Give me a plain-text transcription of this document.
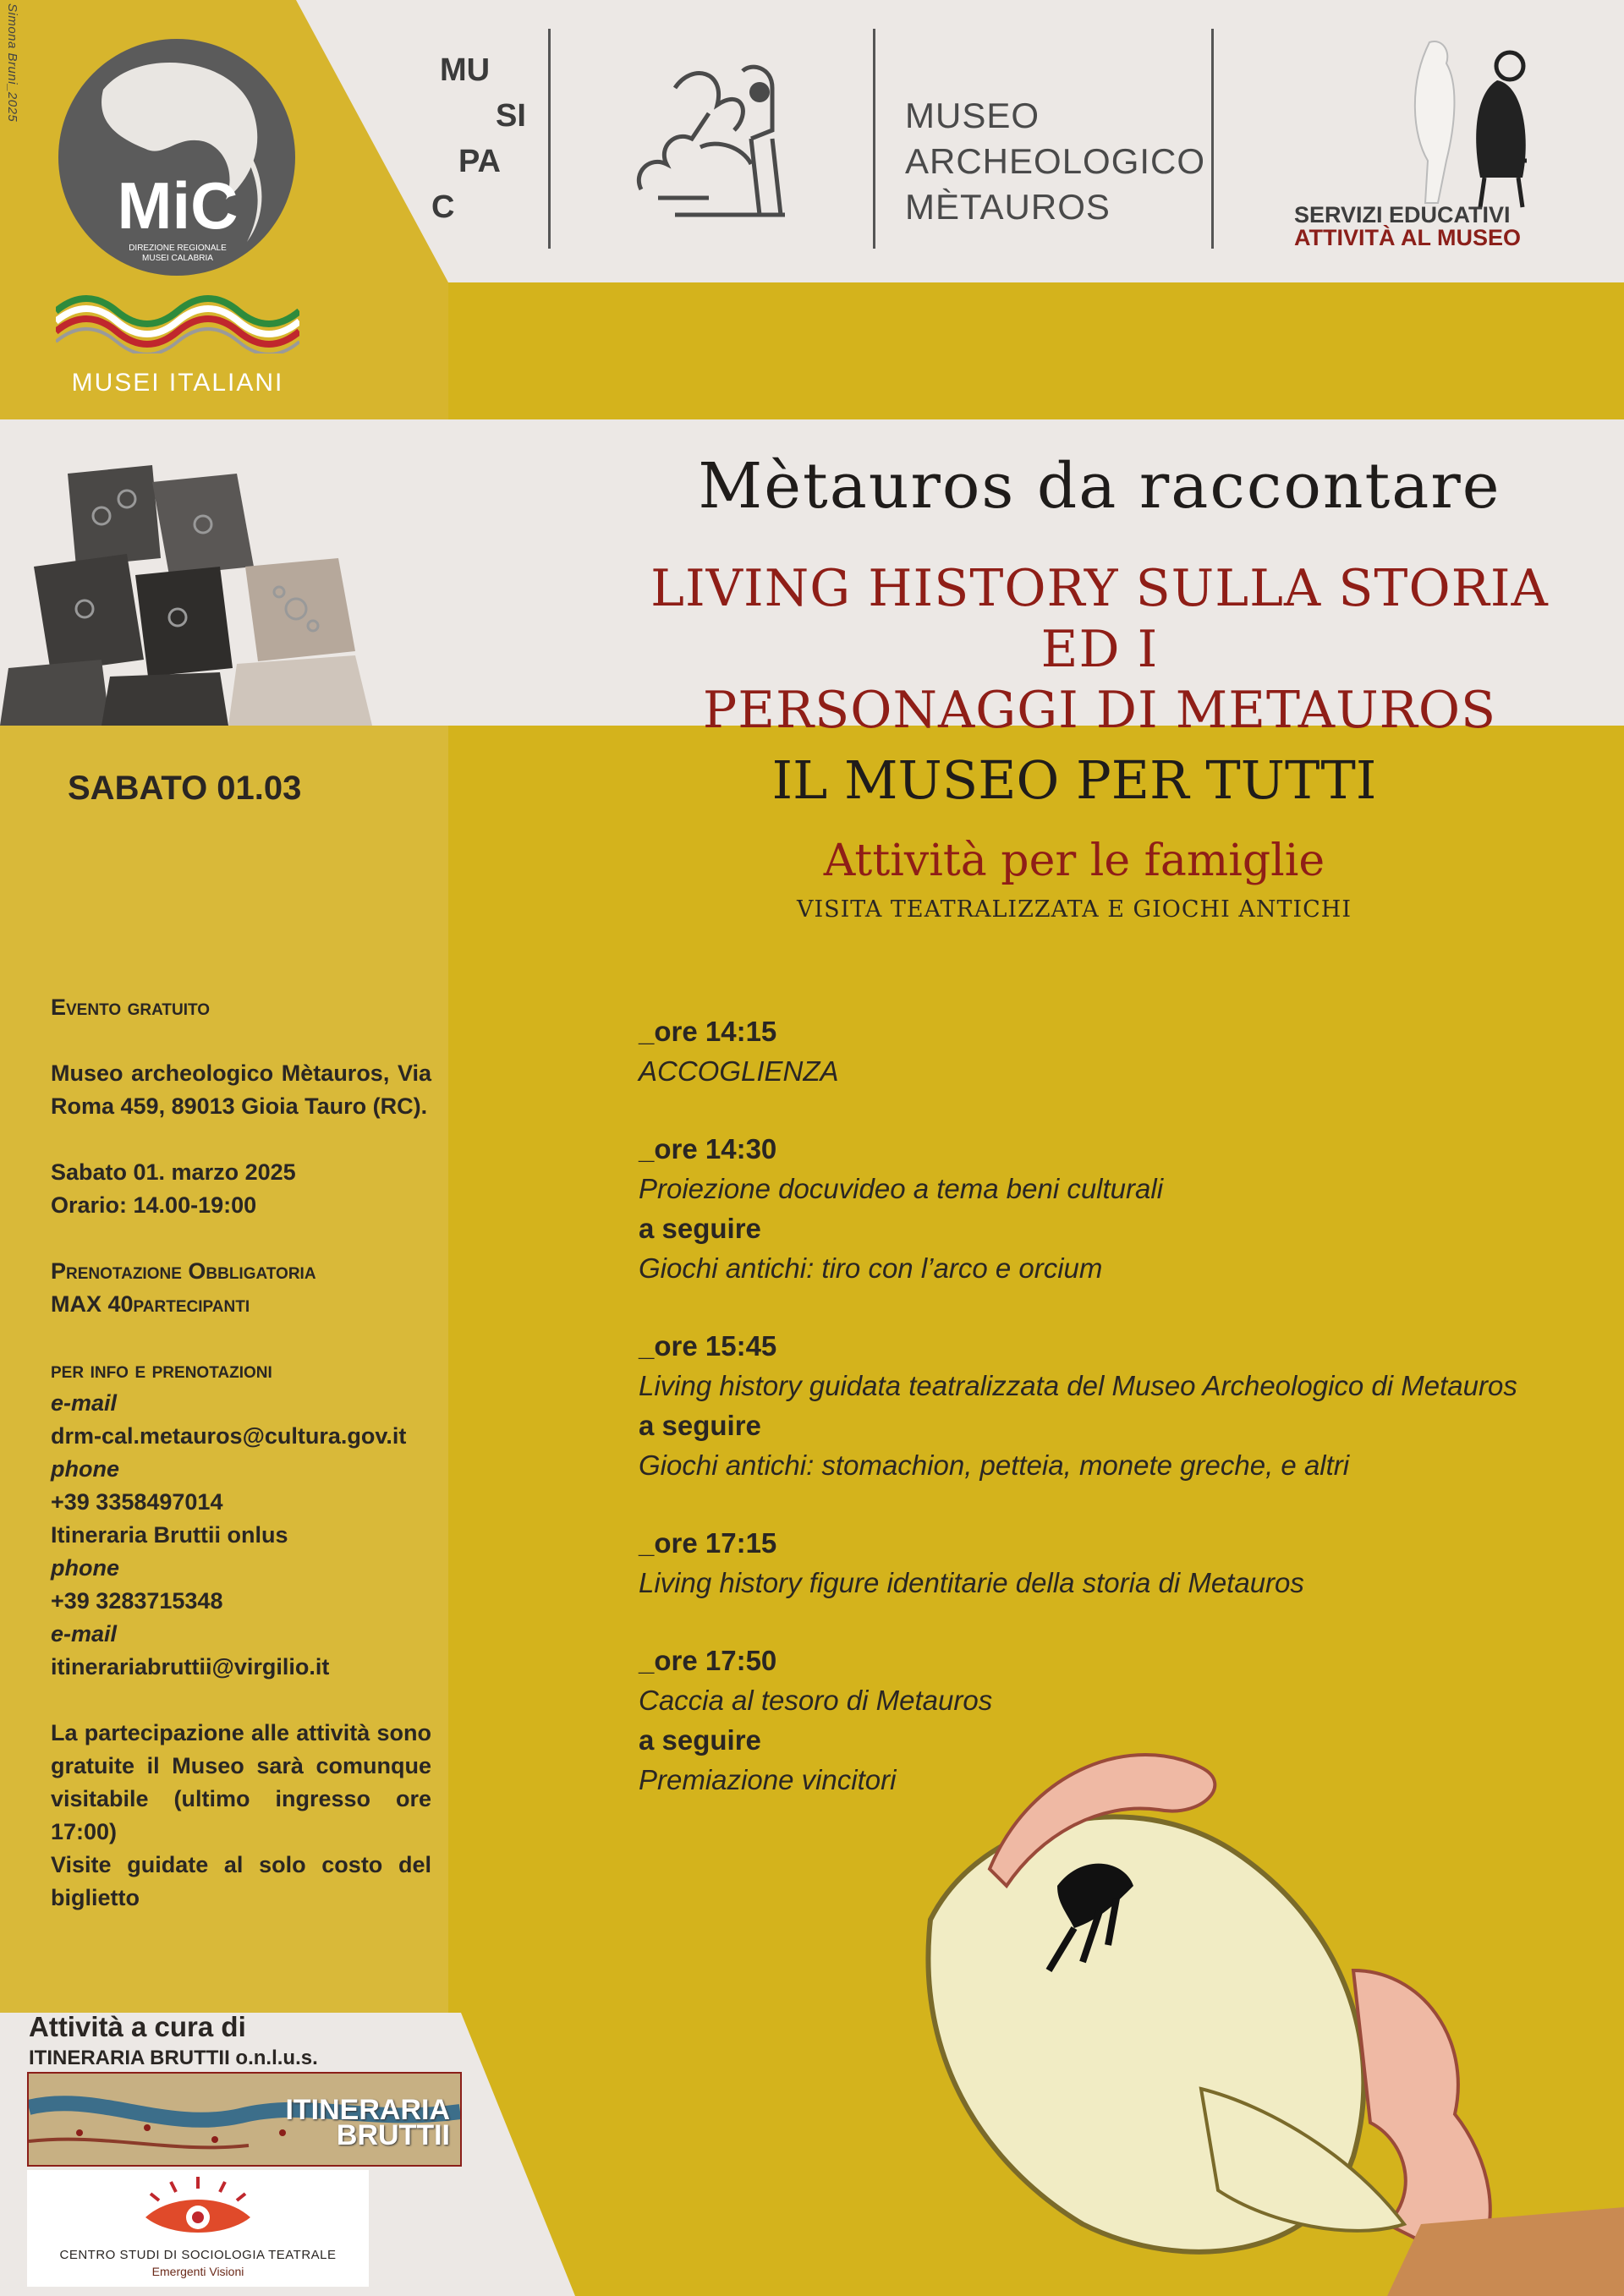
Simona Bruni_2025
MiC
DIREZIONE REGIONALE
MUSEI CALABRIA
MUSEI ITALIANI
MU
SI
PA
C
MUSEO
ARCHEOLOGICO
MÈTAUROS	SERVIZI EDUCATIVI
ATTIVITÀ AL MUSEO
Mètauros da raccontare
LIVING HISTORY SULLA STORIA ED I
PERSONAGGI DI METAUROS
SABATO 01.03	IL MUSEO PER TUTTI
Attività per le famiglie
VISITA TEATRALIZZATA E GIOCHI ANTICHI

Evento gratuito

Museo archeologico Mètauros, Via Roma 459, 89013 Gioia Tauro (RC).

Sabato 01. marzo 2025

Orario: 14.00-19:00

Prenotazione Obbligatoria

MAX 40partecipanti

per info e prenotazioni

e-mail

drm-cal.metauros@cultura.gov.it

phone

+39 3358497014

Itineraria Bruttii onlus

phone

+39 3283715348

e-mail

itinerariabruttii@virgilio.it

La partecipazione alle attività sono gratuite il Museo sarà comunque visitabile (ultimo ingresso ore 17:00)

Visite guidate al solo costo del biglietto

_ore 14:15
ACCOGLIENZA
_ore 14:30
Proiezione docuvideo a tema beni culturali
a seguire
Giochi antichi: tiro con l’arco e orcium
_ore 15:45
Living history guidata teatralizzata del Museo Archeologico di Metauros
a seguire
Giochi antichi: stomachion, petteia, monete greche, e altri
_ore 17:15
Living history figure identitarie della storia di Metauros
_ore 17:50
Caccia al tesoro di Metauros
a seguire
Premiazione vincitori
Attività a cura di
ITINERARIA BRUTTII o.n.l.u.s.
ITINERARIA
BRUTTII
CENTRO STUDI DI SOCIOLOGIA TEATRALE
Emergenti Visioni
